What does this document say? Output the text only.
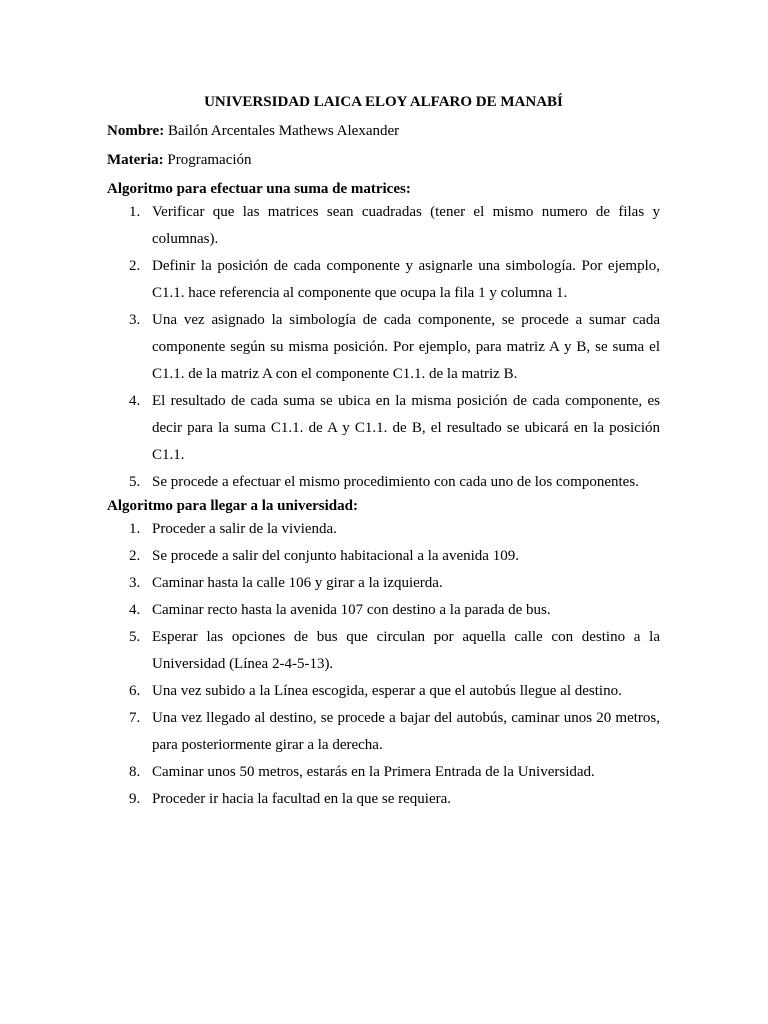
UNIVERSIDAD LAICA ELOY ALFARO DE MANABÍ
Nombre: Bailón Arcentales Mathews Alexander
Materia: Programación
Algoritmo para efectuar una suma de matrices:
1. Verificar que las matrices sean cuadradas (tener el mismo numero de filas y columnas).
2. Definir la posición de cada componente y asignarle una simbología. Por ejemplo, C1.1. hace referencia al componente que ocupa la fila 1 y columna 1.
3. Una vez asignado la simbología de cada componente, se procede a sumar cada componente según su misma posición. Por ejemplo, para matriz A y B, se suma el C1.1. de la matriz A con el componente C1.1. de la matriz B.
4. El resultado de cada suma se ubica en la misma posición de cada componente, es decir para la suma C1.1. de A y C1.1. de B, el resultado se ubicará en la posición C1.1.
5. Se procede a efectuar el mismo procedimiento con cada uno de los componentes.
Algoritmo para llegar a la universidad:
1. Proceder a salir de la vivienda.
2. Se procede a salir del conjunto habitacional a la avenida 109.
3. Caminar hasta la calle 106 y girar a la izquierda.
4. Caminar recto hasta la avenida 107 con destino a la parada de bus.
5. Esperar las opciones de bus que circulan por aquella calle con destino a la Universidad (Línea 2-4-5-13).
6. Una vez subido a la Línea escogida, esperar a que el autobús llegue al destino.
7. Una vez llegado al destino, se procede a bajar del autobús, caminar unos 20 metros, para posteriormente girar a la derecha.
8. Caminar unos 50 metros, estarás en la Primera Entrada de la Universidad.
9. Proceder ir hacia la facultad en la que se requiera.
